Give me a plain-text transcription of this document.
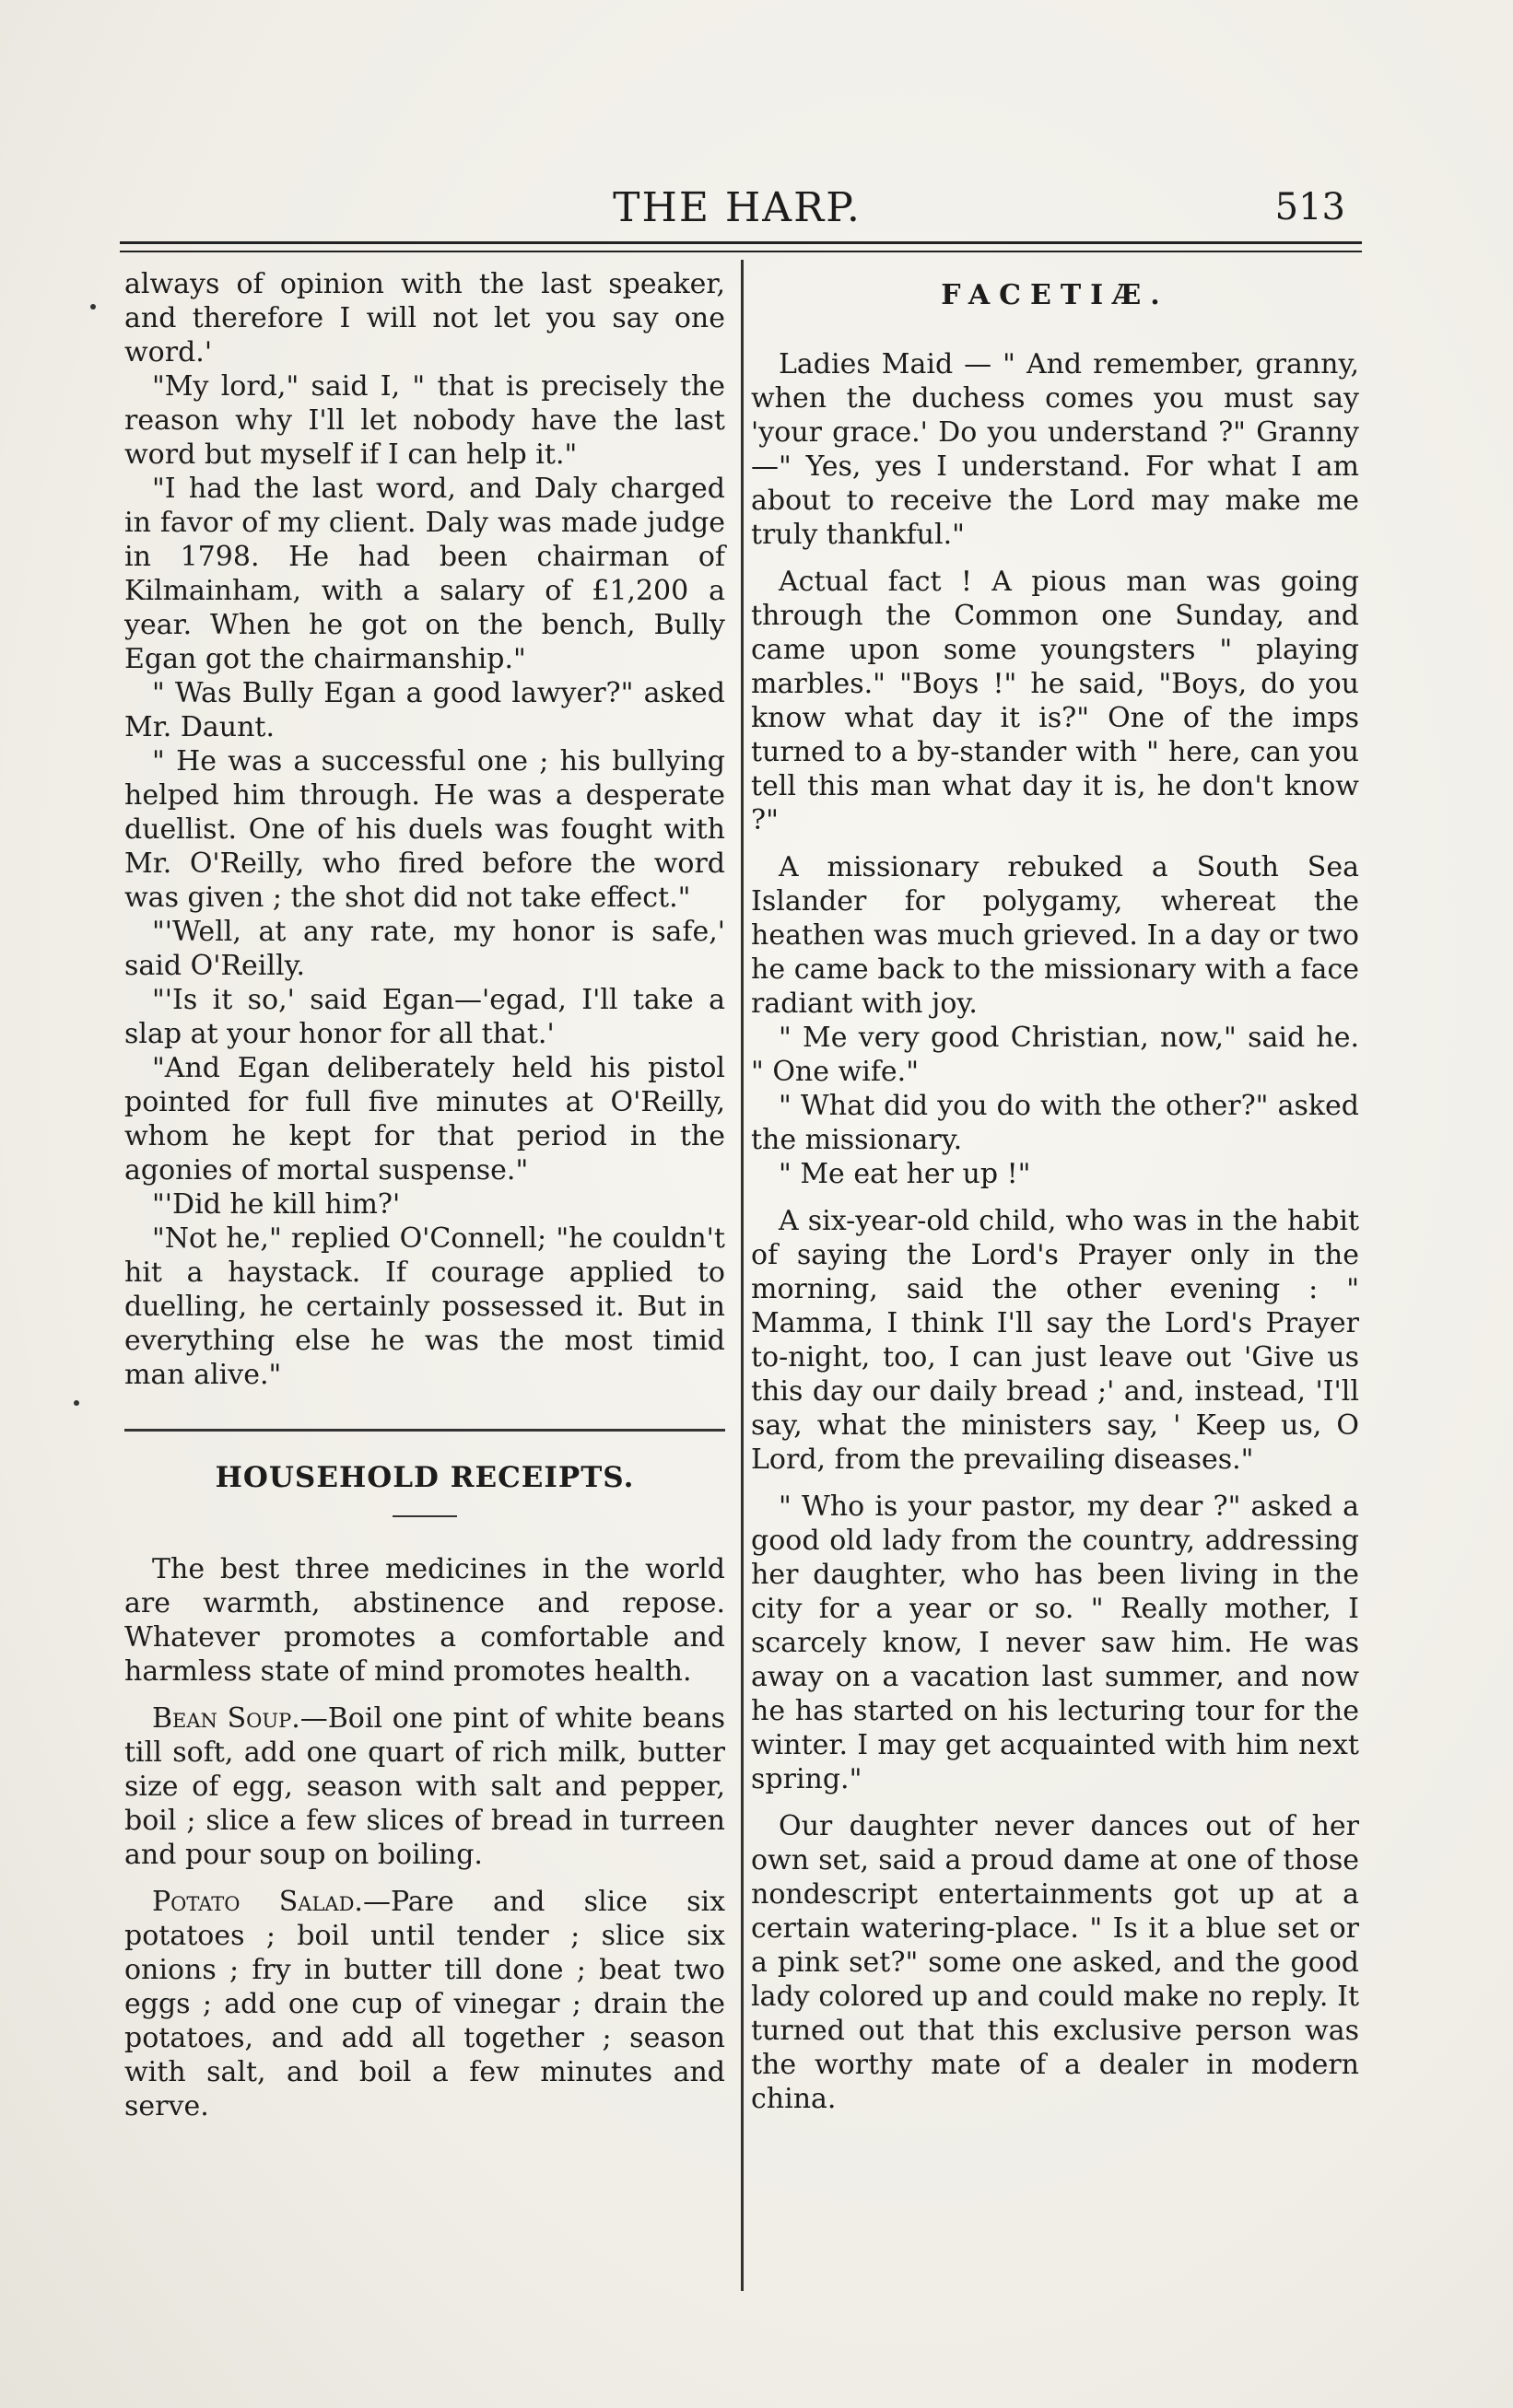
THE HARP.	513

always of opinion with the last speaker, and therefore I will not let you say one word.'

"My lord," said I, " that is precisely the reason why I'll let nobody have the last word but myself if I can help it."

"I had the last word, and Daly charged in favor of my client. Daly was made judge in 1798. He had been chairman of Kilmainham, with a salary of £1,200 a year. When he got on the bench, Bully Egan got the chairmanship."

" Was Bully Egan a good lawyer?" asked Mr. Daunt.

" He was a successful one ; his bullying helped him through. He was a desperate duellist. One of his duels was fought with Mr. O'Reilly, who fired before the word was given ; the shot did not take effect."

"'Well, at any rate, my honor is safe,' said O'Reilly.

"'Is it so,' said Egan—'egad, I'll take a slap at your honor for all that.'

"And Egan deliberately held his pistol pointed for full five minutes at O'Reilly, whom he kept for that period in the agonies of mortal suspense."

"'Did he kill him?'

"Not he," replied O'Connell; "he couldn't hit a haystack. If courage applied to duelling, he certainly possessed it. But in everything else he was the most timid man alive."

HOUSEHOLD RECEIPTS.

The best three medicines in the world are warmth, abstinence and repose. Whatever promotes a comfortable and harmless state of mind promotes health.

Bean Soup.—Boil one pint of white beans till soft, add one quart of rich milk, butter size of egg, season with salt and pepper, boil ; slice a few slices of bread in turreen and pour soup on boiling.

Potato Salad.—Pare and slice six potatoes ; boil until tender ; slice six onions ; fry in butter till done ; beat two eggs ; add one cup of vinegar ; drain the potatoes, and add all together ; season with salt, and boil a few minutes and serve.

FACETIÆ.

Ladies Maid — " And remember, granny, when the duchess comes you must say 'your grace.' Do you understand ?" Granny—" Yes, yes I understand. For what I am about to receive the Lord may make me truly thankful."

Actual fact ! A pious man was going through the Common one Sunday, and came upon some youngsters " playing marbles." "Boys !" he said, "Boys, do you know what day it is?" One of the imps turned to a by-stander with " here, can you tell this man what day it is, he don't know ?"

A missionary rebuked a South Sea Islander for polygamy, whereat the heathen was much grieved. In a day or two he came back to the missionary with a face radiant with joy.

" Me very good Christian, now," said he. " One wife."

" What did you do with the other?" asked the missionary.

" Me eat her up !"

A six-year-old child, who was in the habit of saying the Lord's Prayer only in the morning, said the other evening : " Mamma, I think I'll say the Lord's Prayer to-night, too, I can just leave out 'Give us this day our daily bread ;' and, instead, 'I'll say, what the ministers say, ' Keep us, O Lord, from the prevailing diseases."

" Who is your pastor, my dear ?" asked a good old lady from the country, addressing her daughter, who has been living in the city for a year or so. " Really mother, I scarcely know, I never saw him. He was away on a vacation last summer, and now he has started on his lecturing tour for the winter. I may get acquainted with him next spring."

Our daughter never dances out of her own set, said a proud dame at one of those nondescript entertainments got up at a certain watering-place. " Is it a blue set or a pink set?" some one asked, and the good lady colored up and could make no reply. It turned out that this exclusive person was the worthy mate of a dealer in modern china.
